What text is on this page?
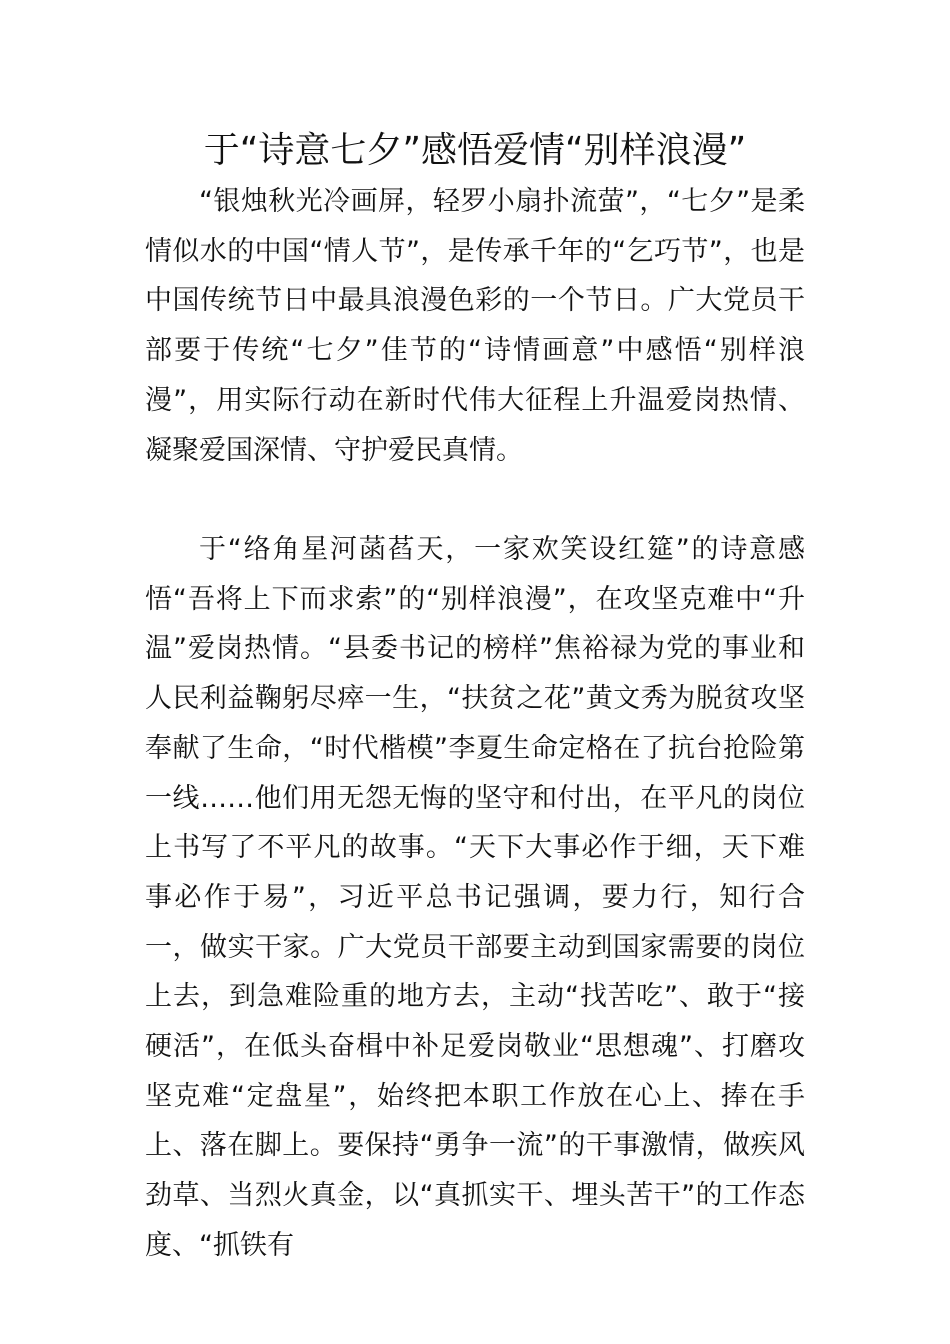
于“诗意七夕”感悟爱情“别样浪漫”

“银烛秋光冷画屏，轻罗小扇扑流萤”，“七夕”是柔情似水的中国“情人节”，是传承千年的“乞巧节”，也是中国传统节日中最具浪漫色彩的一个节日。广大党员干部要于传统“七夕”佳节的“诗情画意”中感悟“别样浪漫”，用实际行动在新时代伟大征程上升温爱岗热情、凝聚爱国深情、守护爱民真情。

于“络角星河菡萏天，一家欢笑设红筵”的诗意感悟“吾将上下而求索”的“别样浪漫”，在攻坚克难中“升温”爱岗热情。“县委书记的榜样”焦裕禄为党的事业和人民利益鞠躬尽瘁一生，“扶贫之花”黄文秀为脱贫攻坚奉献了生命，“时代楷模”李夏生命定格在了抗台抢险第一线……他们用无怨无悔的坚守和付出，在平凡的岗位上书写了不平凡的故事。“天下大事必作于细，天下难事必作于易”，习近平总书记强调，要力行，知行合一，做实干家。广大党员干部要主动到国家需要的岗位上去，到急难险重的地方去，主动“找苦吃”、敢于“接硬活”，在低头奋楫中补足爱岗敬业“思想魂”、打磨攻坚克难“定盘星”，始终把本职工作放在心上、捧在手上、落在脚上。要保持“勇争一流”的干事激情，做疾风劲草、当烈火真金，以“真抓实干、埋头苦干”的工作态度、“抓铁有
